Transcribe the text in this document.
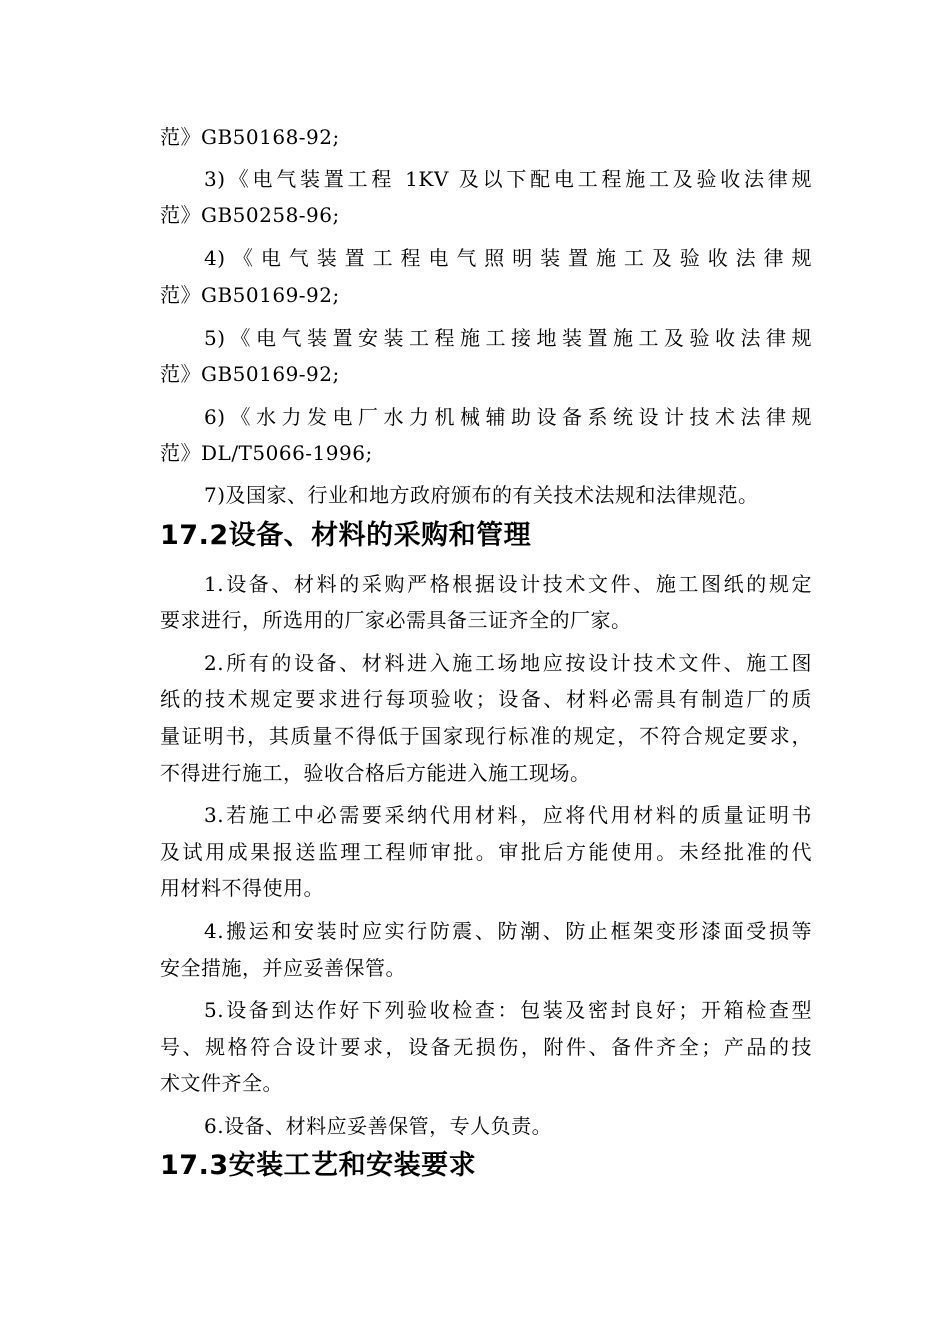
范》GB50168-92;
3)《电气装置工程 1KV 及以下配电工程施工及验收法律规
范》GB50258-96;
4)《电气装置工程电气照明装置施工及验收法律规
范》GB50169-92;
5)《电气装置安装工程施工接地装置施工及验收法律规
范》GB50169-92;
6)《水力发电厂水力机械辅助设备系统设计技术法律规
范》DL/T5066-1996;
7)及国家、行业和地方政府颁布的有关技术法规和法律规范。
17.2设备、材料的采购和管理
1.设备、材料的采购严格根据设计技术文件、施工图纸的规定
要求进行，所选用的厂家必需具备三证齐全的厂家。
2.所有的设备、材料进入施工场地应按设计技术文件、施工图
纸的技术规定要求进行每项验收；设备、材料必需具有制造厂的质
量证明书，其质量不得低于国家现行标准的规定，不符合规定要求，
不得进行施工，验收合格后方能进入施工现场。
3.若施工中必需要采纳代用材料，应将代用材料的质量证明书
及试用成果报送监理工程师审批。审批后方能使用。未经批准的代
用材料不得使用。
4.搬运和安装时应实行防震、防潮、防止框架变形漆面受损等
安全措施，并应妥善保管。
5.设备到达作好下列验收检查：包装及密封良好；开箱检查型
号、规格符合设计要求，设备无损伤，附件、备件齐全；产品的技
术文件齐全。
6.设备、材料应妥善保管，专人负责。
17.3安装工艺和安装要求
